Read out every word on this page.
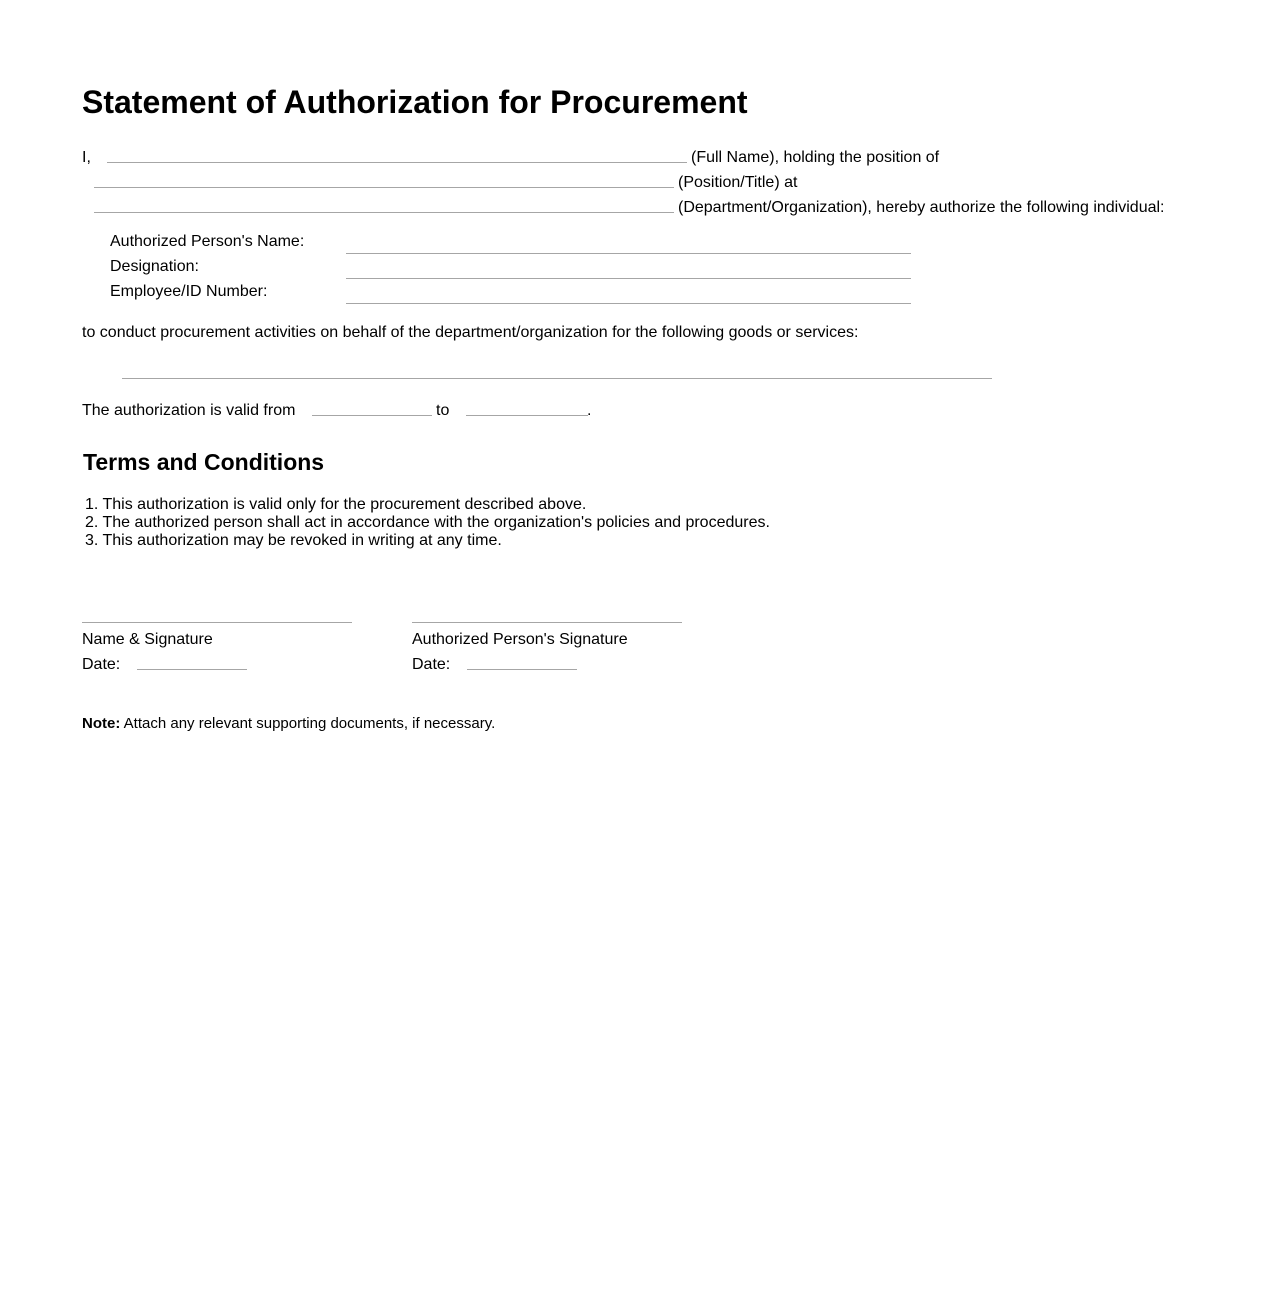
Statement of Authorization for Procurement
I,	(Full Name), holding the position of
(Position/Title) at
(Department/Organization), hereby authorize the following individual:
Authorized Person's Name:
Designation:
Employee/ID Number:
to conduct procurement activities on behalf of the department/organization for the following goods or services:
The authorization is valid from	to	.
Terms and Conditions
1. This authorization is valid only for the procurement described above.
2. The authorized person shall act in accordance with the organization's policies and procedures.
3. This authorization may be revoked in writing at any time.
Name & Signature
Date:
Authorized Person's Signature
Date:
Note: Attach any relevant supporting documents, if necessary.
